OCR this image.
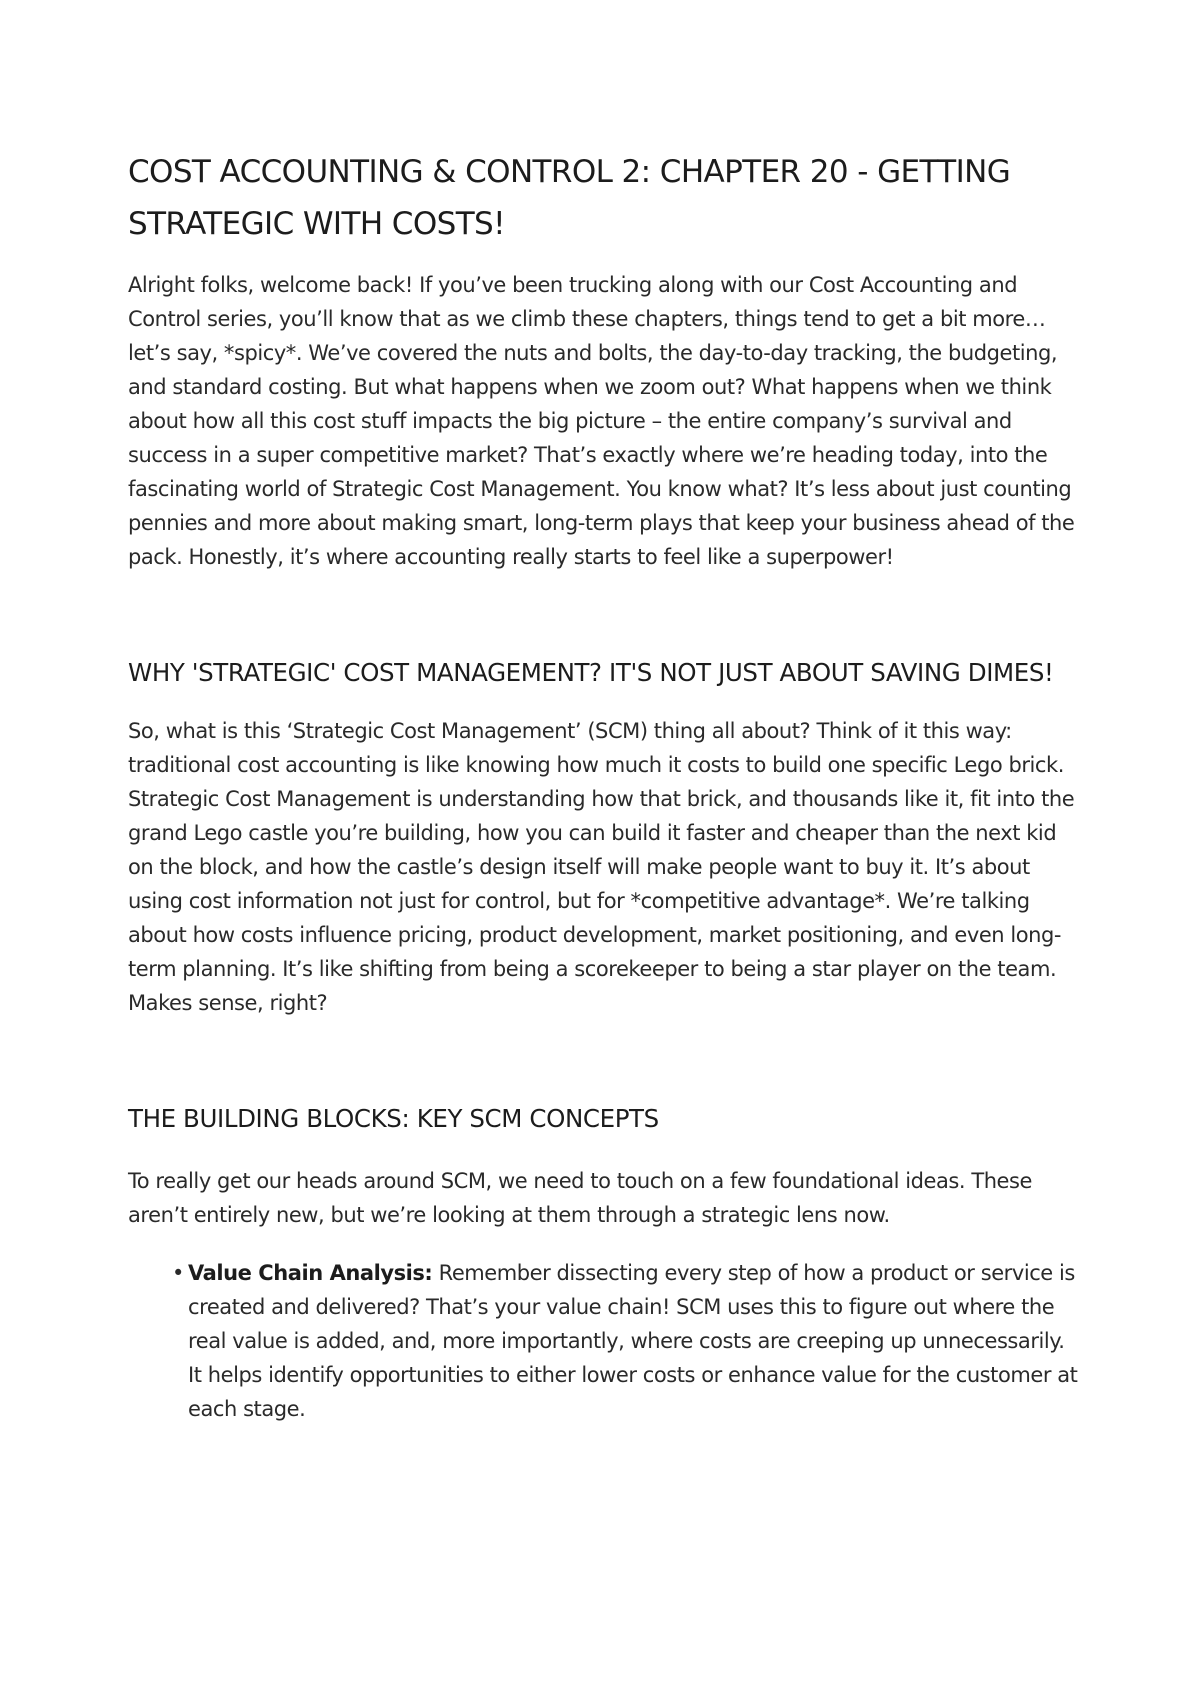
COST ACCOUNTING & CONTROL 2: CHAPTER 20 - GETTING STRATEGIC WITH COSTS!

Alright folks, welcome back! If you’ve been trucking along with our Cost Accounting and Control series, you’ll know that as we climb these chapters, things tend to get a bit more… let’s say, *spicy*. We’ve covered the nuts and bolts, the day-to-day tracking, the budgeting, and standard costing. But what happens when we zoom out? What happens when we think about how all this cost stuff impacts the big picture – the entire company’s survival and success in a super competitive market? That’s exactly where we’re heading today, into the fascinating world of Strategic Cost Management. You know what? It’s less about just counting pennies and more about making smart, long-term plays that keep your business ahead of the pack. Honestly, it’s where accounting really starts to feel like a superpower!

WHY 'STRATEGIC' COST MANAGEMENT? IT'S NOT JUST ABOUT SAVING DIMES!

So, what is this ‘Strategic Cost Management’ (SCM) thing all about? Think of it this way: traditional cost accounting is like knowing how much it costs to build one specific Lego brick. Strategic Cost Management is understanding how that brick, and thousands like it, fit into the grand Lego castle you’re building, how you can build it faster and cheaper than the next kid on the block, and how the castle’s design itself will make people want to buy it. It’s about using cost information not just for control, but for *competitive advantage*. We’re talking about how costs influence pricing, product development, market positioning, and even long-term planning. It’s like shifting from being a scorekeeper to being a star player on the team. Makes sense, right?

THE BUILDING BLOCKS: KEY SCM CONCEPTS

To really get our heads around SCM, we need to touch on a few foundational ideas. These aren’t entirely new, but we’re looking at them through a strategic lens now.

• Value Chain Analysis: Remember dissecting every step of how a product or service is created and delivered? That’s your value chain! SCM uses this to figure out where the real value is added, and, more importantly, where costs are creeping up unnecessarily. It helps identify opportunities to either lower costs or enhance value for the customer at each stage.
